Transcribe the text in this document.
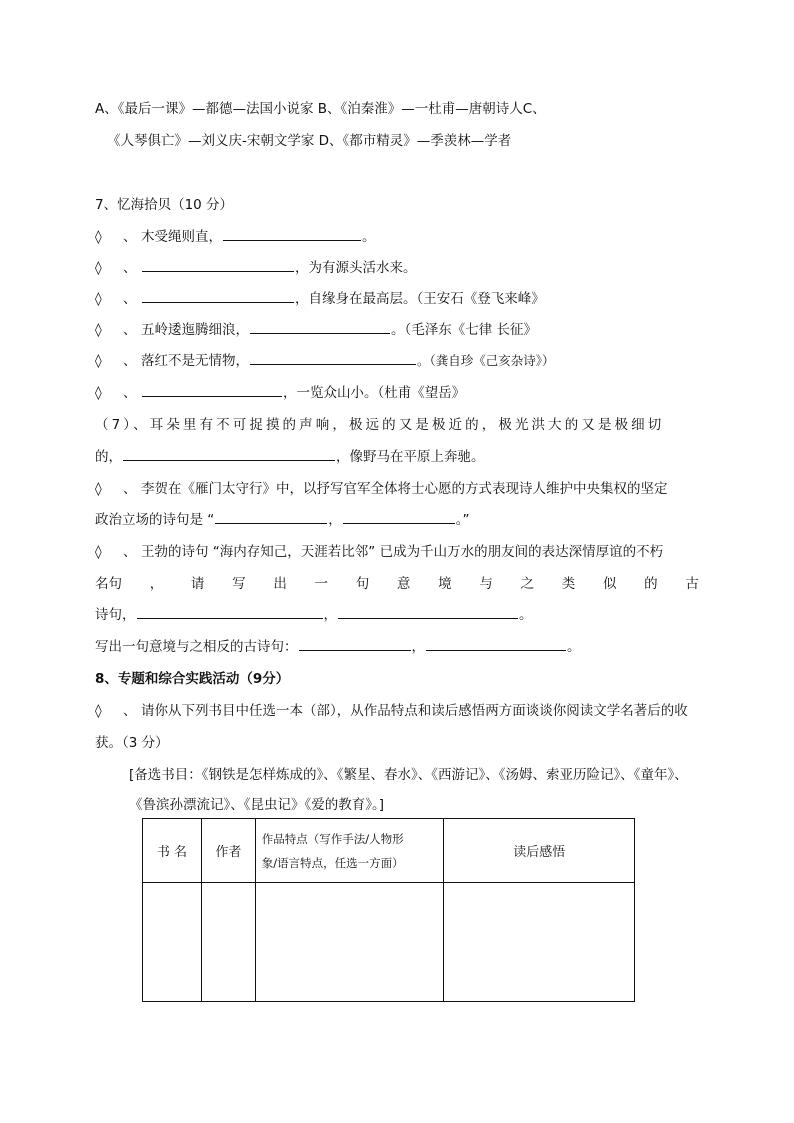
A、《最后一课》—都德—法国小说家 B、《泊秦淮》—一杜甫—唐朝诗人C、
《人琴俱亡》—刘义庆-宋朝文学家 D、《都市精灵》—季羡林—学者
7、忆海拾贝（10 分）
◊ 、 木受绳则直，	。
◊ 、	，为有源头活水来。
◊ 、	，自缘身在最高层。（王安石《登飞来峰》
◊ 、 五岭逶迤腾细浪，	。（毛泽东《七律 长征》
◊ 、 落红不是无情物，	。（龚自珍《己亥杂诗》）
◊ 、	，一览众山小。（杜甫《望岳》
（7）、耳朵里有不可捉摸的声响，极远的又是极近的，极光洪大的又是极细切
的，	，像野马在平原上奔驰。
◊ 、 李贺在《雁门太守行》中，以抒写官军全体将士心愿的方式表现诗人维护中央集权的坚定
政治立场的诗句是 “	，	。”
◊ 、 王勃的诗句 “海内存知己，天涯若比邻” 已成为千山万水的朋友间的表达深情厚谊的不朽
名句 ， 请 写 出 一 句 意 境 与 之 类 似 的 古
诗句，	，	。
写出一句意境与之相反的古诗句：	，	。
8、专题和综合实践活动（9分）
◊ 、 请你从下列书目中任选一本（部），从作品特点和读后感悟两方面谈谈你阅读文学名著后的收
获。（3 分）
[备选书目：《钢铁是怎样炼成的》、《繁星、春水》、《西游记》、《汤姆、索亚历险记》、《童年》、
《鲁滨孙漂流记》、《昆虫记》《爱的教育》。]
书 名	作者	作品特点（写作手法/人物形
象/语言特点，任选一方面）	读后感悟
